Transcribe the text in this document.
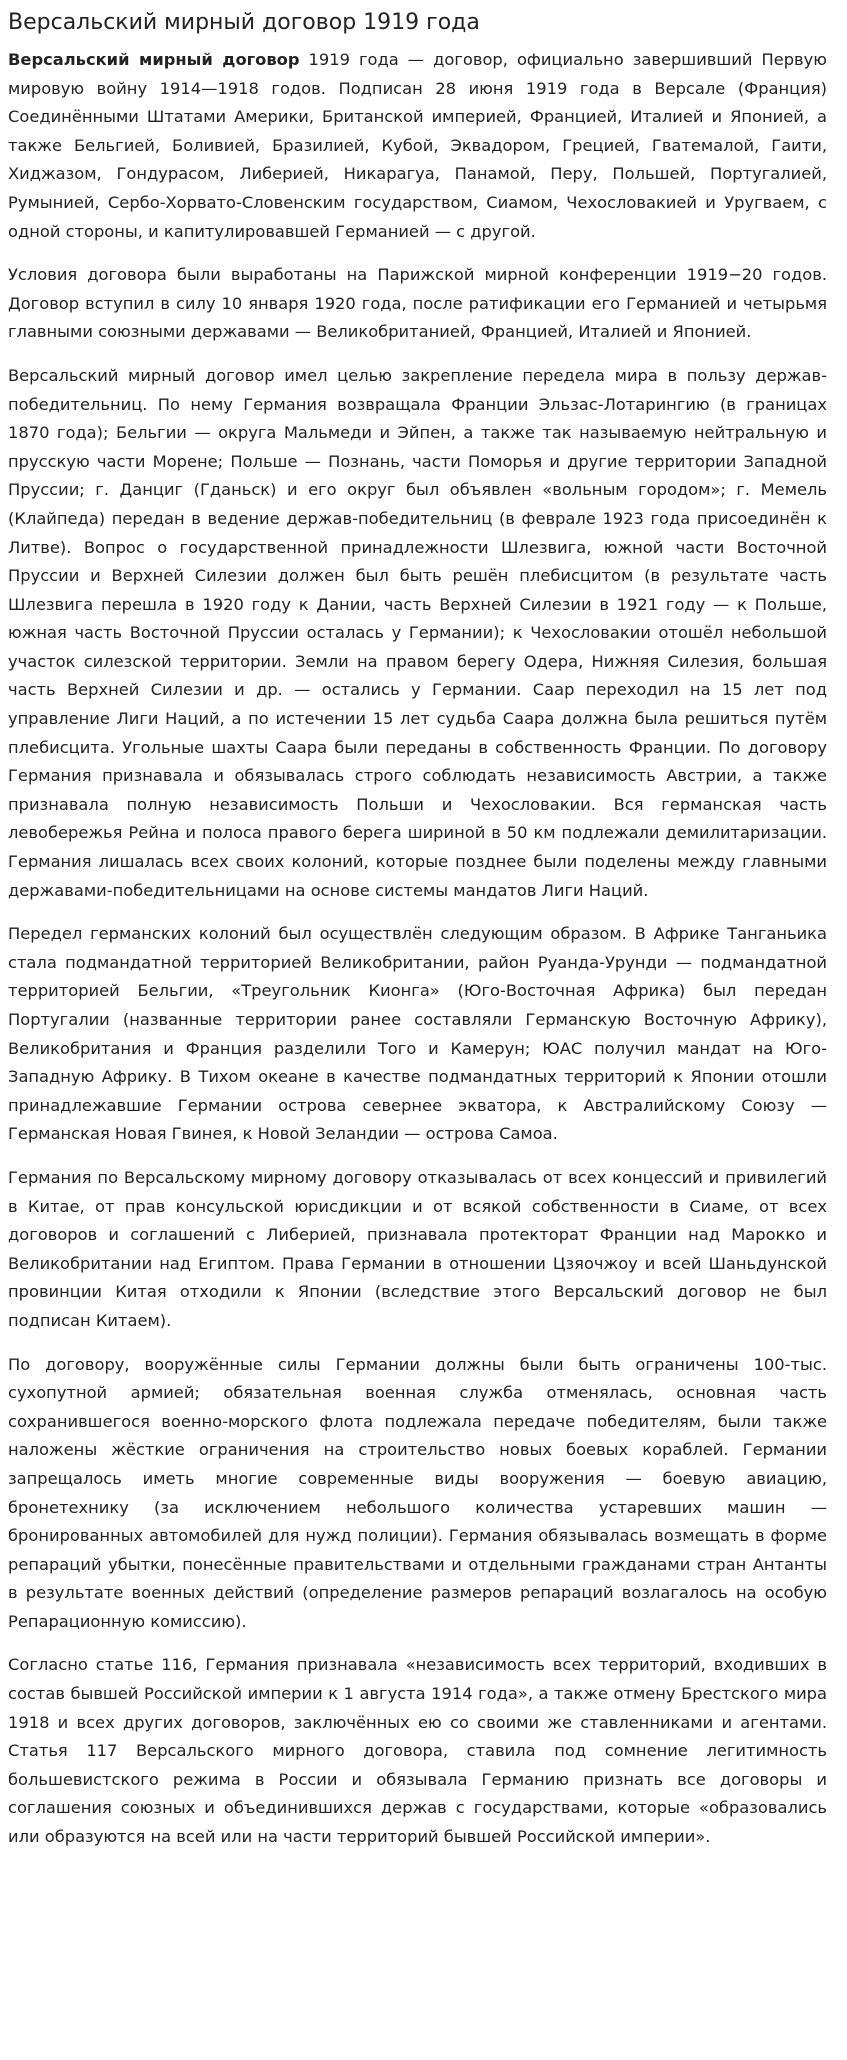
Версальский мирный договор 1919 года

Версальский мирный договор 1919 года — договор, официально завершивший Первую мировую войну 1914—1918 годов. Подписан 28 июня 1919 года в Версале (Франция) Соединёнными Штатами Америки, Британской империей, Францией, Италией и Японией, а также Бельгией, Боливией, Бразилией, Кубой, Эквадором, Грецией, Гватемалой, Гаити, Хиджазом, Гондурасом, Либерией, Никарагуа, Панамой, Перу, Польшей, Португалией, Румынией, Сербо-Хорвато-Словенским государством, Сиамом, Чехословакией и Уругваем, с одной стороны, и капитулировавшей Германией — с другой.

Условия договора были выработаны на Парижской мирной конференции 1919−20 годов. Договор вступил в силу 10 января 1920 года, после ратификации его Германией и четырьмя главными союзными державами — Великобританией, Францией, Италией и Японией.

Версальский мирный договор имел целью закрепление передела мира в пользу держав-победительниц. По нему Германия возвращала Франции Эльзас-Лотарингию (в границах 1870 года); Бельгии — округа Мальмеди и Эйпен, а также так называемую нейтральную и прусскую части Морене; Польше — Познань, части Поморья и другие территории Западной Пруссии; г. Данциг (Гданьск) и его округ был объявлен «вольным городом»; г. Мемель (Клайпеда) передан в ведение держав-победительниц (в феврале 1923 года присоединён к Литве). Вопрос о государственной принадлежности Шлезвига, южной части Восточной Пруссии и Верхней Силезии должен был быть решён плебисцитом (в результате часть Шлезвига перешла в 1920 году к Дании, часть Верхней Силезии в 1921 году — к Польше, южная часть Восточной Пруссии осталась у Германии); к Чехословакии отошёл небольшой участок силезской территории. Земли на правом берегу Одера, Нижняя Силезия, большая часть Верхней Силезии и др. — остались у Германии. Саар переходил на 15 лет под управление Лиги Наций, а по истечении 15 лет судьба Саара должна была решиться путём плебисцита. Угольные шахты Саара были переданы в собственность Франции. По договору Германия признавала и обязывалась строго соблюдать независимость Австрии, а также признавала полную независимость Польши и Чехословакии. Вся германская часть левобережья Рейна и полоса правого берега шириной в 50 км подлежали демилитаризации. Германия лишалась всех своих колоний, которые позднее были поделены между главными державами-победительницами на основе системы мандатов Лиги Наций.

Передел германских колоний был осуществлён следующим образом. В Африке Танганьика стала подмандатной территорией Великобритании, район Руанда-Урунди — подмандатной территорией Бельгии, «Треугольник Кионга» (Юго-Восточная Африка) был передан Португалии (названные территории ранее составляли Германскую Восточную Африку), Великобритания и Франция разделили Того и Камерун; ЮАС получил мандат на Юго-Западную Африку. В Тихом океане в качестве подмандатных территорий к Японии отошли принадлежавшие Германии острова севернее экватора, к Австралийскому Союзу — Германская Новая Гвинея, к Новой Зеландии — острова Самоа.

Германия по Версальскому мирному договору отказывалась от всех концессий и привилегий в Китае, от прав консульской юрисдикции и от всякой собственности в Сиаме, от всех договоров и соглашений с Либерией, признавала протекторат Франции над Марокко и Великобритании над Египтом. Права Германии в отношении Цзяочжоу и всей Шаньдунской провинции Китая отходили к Японии (вследствие этого Версальский договор не был подписан Китаем).

По договору, вооружённые силы Германии должны были быть ограничены 100-тыс. сухопутной армией; обязательная военная служба отменялась, основная часть сохранившегося военно-морского флота подлежала передаче победителям, были также наложены жёсткие ограничения на строительство новых боевых кораблей. Германии запрещалось иметь многие современные виды вооружения — боевую авиацию, бронетехнику (за исключением небольшого количества устаревших машин — бронированных автомобилей для нужд полиции). Германия обязывалась возмещать в форме репараций убытки, понесённые правительствами и отдельными гражданами стран Антанты в результате военных действий (определение размеров репараций возлагалось на особую Репарационную комиссию).

Согласно статье 116, Германия признавала «независимость всех территорий, входивших в состав бывшей Российской империи к 1 августа 1914 года», а также отмену Брестского мира 1918 и всех других договоров, заключённых ею со своими же ставленниками и агентами. Статья 117 Версальского мирного договора, ставила под сомнение легитимность большевистского режима в России и обязывала Германию признать все договоры и соглашения союзных и объединившихся держав с государствами, которые «образовались или образуются на всей или на части территорий бывшей Российской империи».
